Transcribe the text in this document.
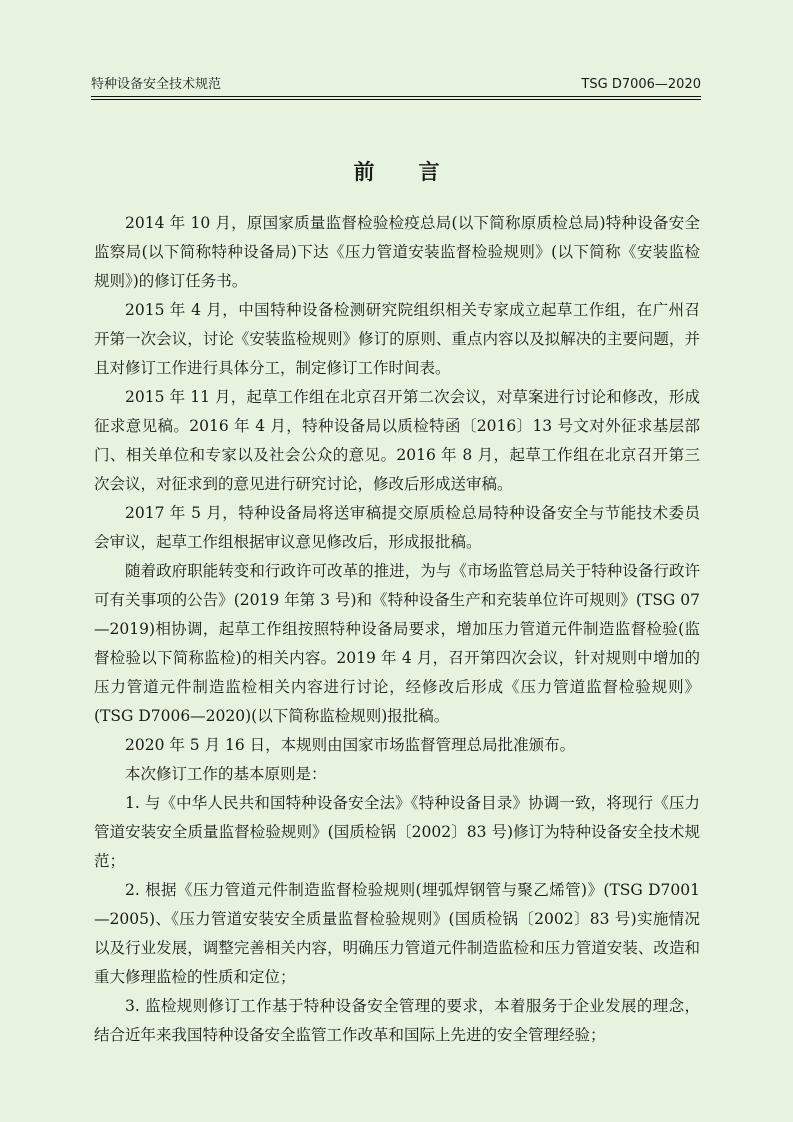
特种设备安全技术规范	TSG D7006—2020
前言

2014 年 10 月，原国家质量监督检验检疫总局(以下简称原质检总局)特种设备安全监察局(以下简称特种设备局)下达《压力管道安装监督检验规则》(以下简称《安装监检规则》)的修订任务书。

2015 年 4 月，中国特种设备检测研究院组织相关专家成立起草工作组，在广州召开第一次会议，讨论《安装监检规则》修订的原则、重点内容以及拟解决的主要问题，并且对修订工作进行具体分工，制定修订工作时间表。

2015 年 11 月，起草工作组在北京召开第二次会议，对草案进行讨论和修改，形成征求意见稿。2016 年 4 月，特种设备局以质检特函〔2016〕13 号文对外征求基层部门、相关单位和专家以及社会公众的意见。2016 年 8 月，起草工作组在北京召开第三次会议，对征求到的意见进行研究讨论，修改后形成送审稿。

2017 年 5 月，特种设备局将送审稿提交原质检总局特种设备安全与节能技术委员会审议，起草工作组根据审议意见修改后，形成报批稿。

随着政府职能转变和行政许可改革的推进，为与《市场监管总局关于特种设备行政许可有关事项的公告》(2019 年第 3 号)和《特种设备生产和充装单位许可规则》(TSG 07—2019)相协调，起草工作组按照特种设备局要求，增加压力管道元件制造监督检验(监督检验以下简称监检)的相关内容。2019 年 4 月，召开第四次会议，针对规则中增加的压力管道元件制造监检相关内容进行讨论，经修改后形成《压力管道监督检验规则》(TSG D7006—2020)(以下简称监检规则)报批稿。

2020 年 5 月 16 日，本规则由国家市场监督管理总局批准颁布。

本次修订工作的基本原则是：

1. 与《中华人民共和国特种设备安全法》《特种设备目录》协调一致，将现行《压力管道安装安全质量监督检验规则》(国质检锅〔2002〕83 号)修订为特种设备安全技术规范；

2. 根据《压力管道元件制造监督检验规则(埋弧焊钢管与聚乙烯管)》(TSG D7001—2005)、《压力管道安装安全质量监督检验规则》(国质检锅〔2002〕83 号)实施情况以及行业发展，调整完善相关内容，明确压力管道元件制造监检和压力管道安装、改造和重大修理监检的性质和定位；

3. 监检规则修订工作基于特种设备安全管理的要求，本着服务于企业发展的理念，结合近年来我国特种设备安全监管工作改革和国际上先进的安全管理经验；
